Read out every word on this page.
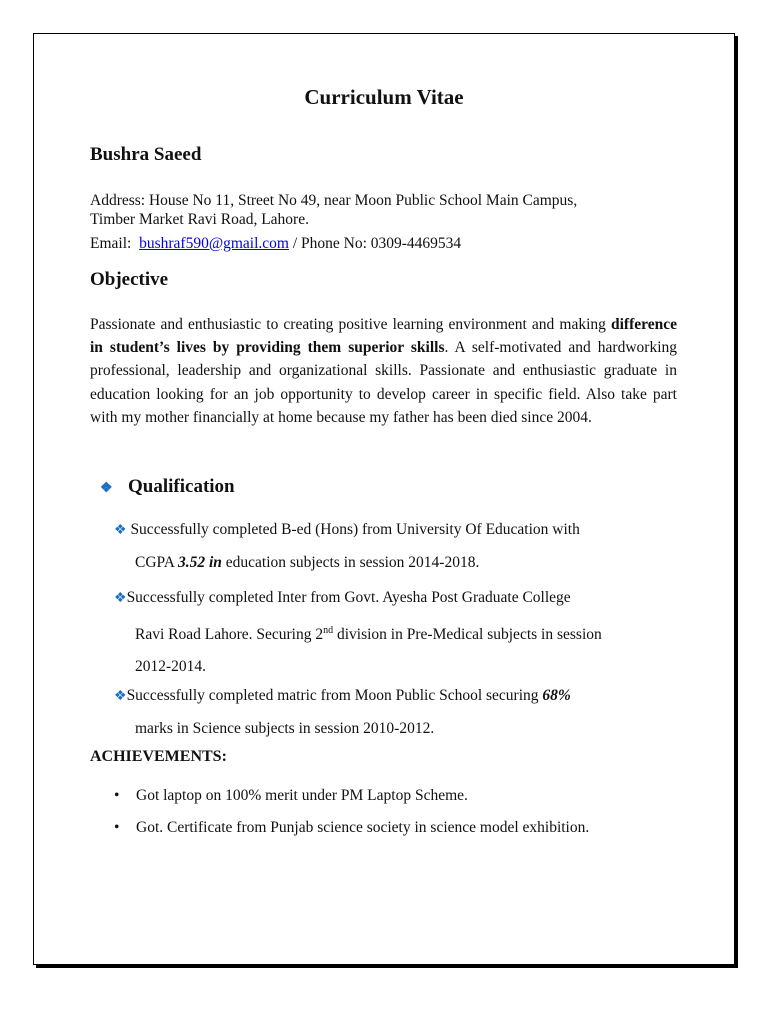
Curriculum Vitae
Bushra Saeed
Address: House No 11, Street No 49, near Moon Public School Main Campus,
Timber Market Ravi Road, Lahore.
Email: bushraf590@gmail.com / Phone No: 0309-4469534
Objective
Passionate and enthusiastic to creating positive learning environment and making difference in student’s lives by providing them superior skills. A self-motivated and hardworking professional, leadership and organizational skills. Passionate and enthusiastic graduate in education looking for an job opportunity to develop career in specific field. Also take part with my mother financially at home because my father has been died since 2004.
❖ Qualification
❖ Successfully completed B-ed (Hons) from University Of Education with
CGPA 3.52 in education subjects in session 2014-2018.
❖Successfully completed Inter from Govt. Ayesha Post Graduate College
Ravi Road Lahore. Securing 2nd division in Pre-Medical subjects in session
2012-2014.
❖Successfully completed matric from Moon Public School securing 68%
marks in Science subjects in session 2010-2012.
ACHIEVEMENTS:
• Got laptop on 100% merit under PM Laptop Scheme.
• Got. Certificate from Punjab science society in science model exhibition.
